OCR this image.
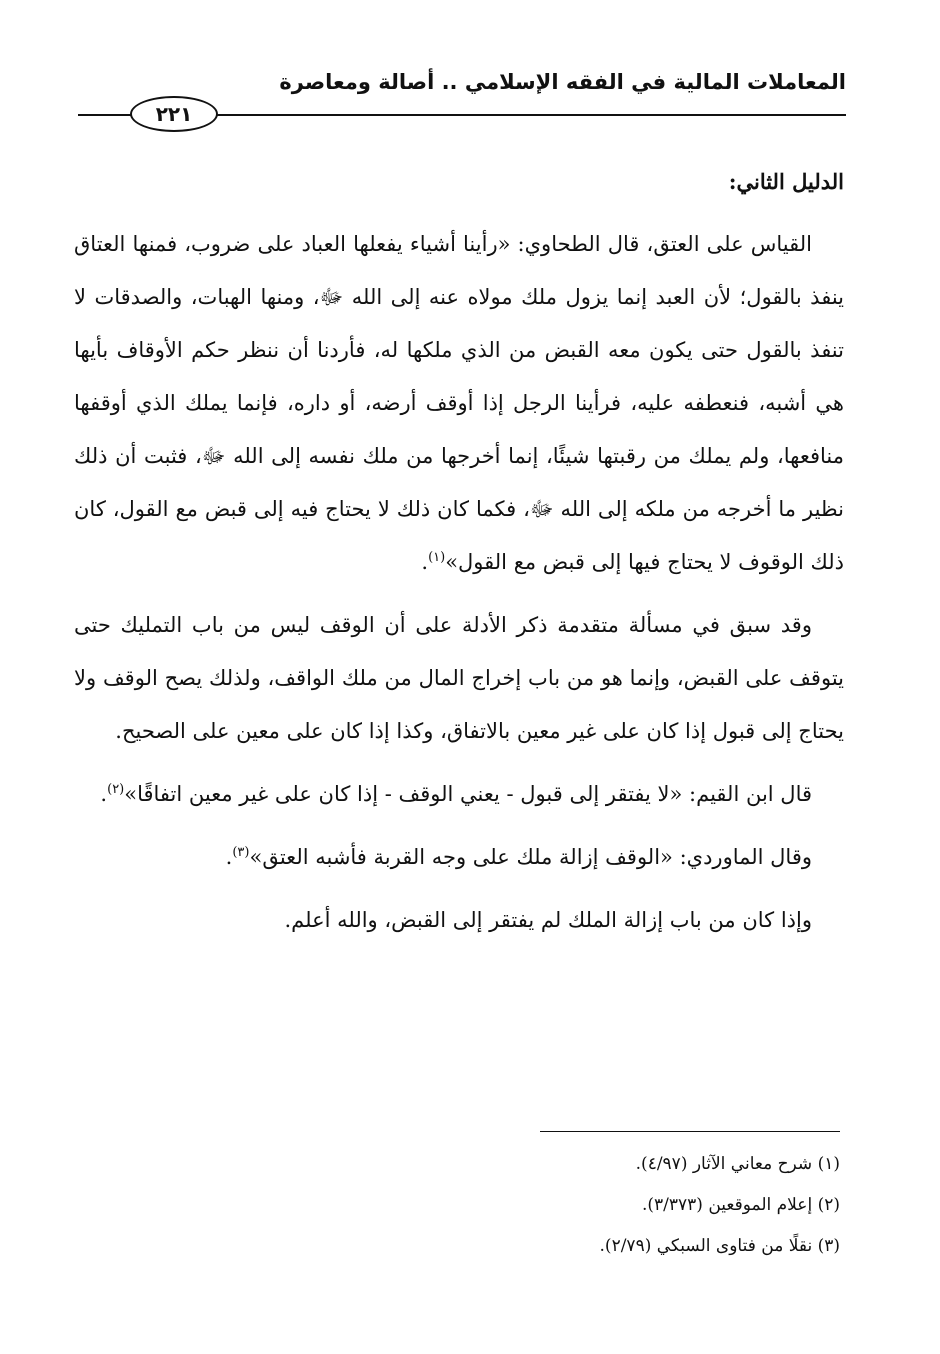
المعاملات المالية في الفقه الإسلامي .. أصالة ومعاصرة
٢٢١

الدليل الثاني:

القياس على العتق، قال الطحاوي: «رأينا أشياء يفعلها العباد على ضروب، فمنها العتاق ينفذ بالقول؛ لأن العبد إنما يزول ملك مولاه عنه إلى الله ﷻ، ومنها الهبات، والصدقات لا تنفذ بالقول حتى يكون معه القبض من الذي ملكها له، فأردنا أن ننظر حكم الأوقاف بأيها هي أشبه، فنعطفه عليه، فرأينا الرجل إذا أوقف أرضه، أو داره، فإنما يملك الذي أوقفها منافعها، ولم يملك من رقبتها شيئًا، إنما أخرجها من ملك نفسه إلى الله ﷻ، فثبت أن ذلك نظير ما أخرجه من ملكه إلى الله ﷻ، فكما كان ذلك لا يحتاج فيه إلى قبض مع القول، كان ذلك الوقوف لا يحتاج فيها إلى قبض مع القول»$^{(١)}$.

وقد سبق في مسألة متقدمة ذكر الأدلة على أن الوقف ليس من باب التمليك حتى يتوقف على القبض، وإنما هو من باب إخراج المال من ملك الواقف، ولذلك يصح الوقف ولا يحتاج إلى قبول إذا كان على غير معين بالاتفاق، وكذا إذا كان على معين على الصحيح.

قال ابن القيم: «لا يفتقر إلى قبول - يعني الوقف - إذا كان على غير معين اتفاقًا»$^{(٢)}$.

وقال الماوردي: «الوقف إزالة ملك على وجه القربة فأشبه العتق»$^{(٣)}$.

وإذا كان من باب إزالة الملك لم يفتقر إلى القبض، والله أعلم.

(١) شرح معاني الآثار (٤/٩٧).
(٢) إعلام الموقعين (٣/٣٧٣).
(٣) نقلًا من فتاوى السبكي (٢/٧٩).
